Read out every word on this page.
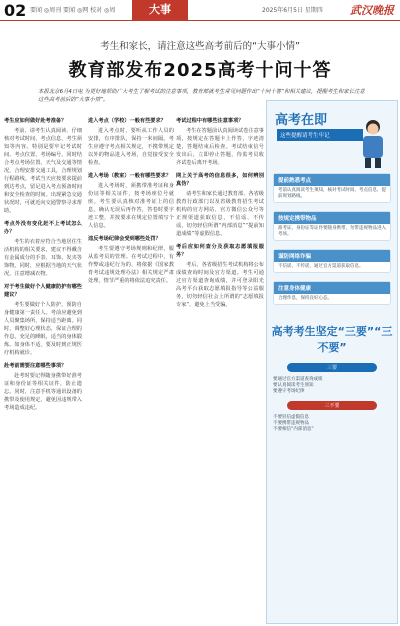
02 要闻 ◎周刊 要闻 ◎网 校对 ◎周	大事	2025年6月5日 星期四 武汉晚报
考生和家长，请注意这些高考前后的“大事小情”
教育部发布2025高考十问十答
本报北京6月4日电 为更好地帮助广大考生了解考试的注意事项，教育部就考生常见问题作出“十问十答”和相关建议，提醒考生和家长注意这些高考前后的“大事小情”。
考生应如何做好赴考准备？
考前，请考生认真阅读、仔细核对考试时间、考点信息，考生须知等内容。特别是要牢记考试时间、考点位置、考场编号，同时结合考点考场位置、天气及交通等情况，合理安排交通工具，合理规划行程路线。考试当天应按要求提前到达考点，留足进入考点预备时间和安全检查的时间。出现紧急交通状况时，可就近向交通警察寻求帮助。
考点外没有变化赶不上考试怎么办？
考生的衣着应符合当地居住生活机构的相关要求，建议不得戴含有金属成分的手表、耳饰、发夹等饰物。同时，应根据当地的天气状况，注意增减衣物。
对于考生做好个人健康防护有哪些建议？
考生要做好个人防护，预防自身健康第一责任人。考前应避免到人员聚集场所，保持适当距离。同时，调整好心理状态，保证合理的作息，充足的睡眠，适当的身体锻炼。如身体不适，要及时到正规医疗机构就诊。
赴考前需要注意哪些事项？
赴考时要记得随身携带好准考证和身份证等相关证件，防止遗忘。同时，注意手机等通讯设备的携带及使用规定，避免因违规带入考场造成违纪。
进入考点（学校）一般有些要求？
进入考点时，要听从工作人员的安排，有序排队，保持一米间隔。考生应遵守考点相关规定，不携带规定以外的物品进入考场，自觉接受安全检查。
进入考场（教室）一般有哪些要求？
进入考场时，须携带准考证和身份证等相关证件，按考场座位号就座。考生要认真核对准考证上的信息，确认无误后再作答，答卷时要字迹工整，并按要求在规定位置填写个人信息。
违反考场纪律会受到哪些处罚？
考生要遵守考场规则和纪律，服从监考员的管理。在考试过程中，有作弊或违纪行为的，将依据《国家教育考试违规处理办法》相关规定严肃处理，情节严重的将依法追究责任。
考试过程中有哪些注意事项？
考生在答题前认真阅读试卷注意事项，按规定在答题卡上作答，字迹清楚，答题结束后检查。考试结束信号发出后，立即停止答题，待监考员收齐试卷后离开考场。
网上关于高考的信息很多，如何辨别真伪？
请考生和家长通过教育部、各省级教育行政部门以及省级教育招生考试机构的官方网站、官方微信公众号等正规渠道获取信息，不信谣、不传谣，切勿轻信所谓“内部消息”“提前知道成绩”等虚假信息。
考后应如何查分及获取志愿填报服务？
考后，各省级招生考试机构将公布成绩查询时间及官方渠道。考生可通过官方渠道查询成绩，并可登录阳光高考平台获取志愿填报指导等公益服务，切勿轻信社会上所谓的“志愿填报专家”，避免上当受骗。
高考在即
这些提醒请考生牢记
提前熟悉考点
考前认真阅读考生须知，核对考试时间、考点信息，提前规划路线。
按规定携带物品
准考证、身份证等证件要随身携带，勿带违规物品进入考场。
谨防网络诈骗
不信谣、不传谣，通过官方渠道获取信息。
注意身体健康
合理作息，保持良好心态。
高考考生坚定“三要”“三不要”
三要
要通过官方渠道查询成绩
要认真阅读考生须知
要遵守考场纪律
三不要
不要轻信虚假信息
不要携带违规物品
不要相信“内部消息”
